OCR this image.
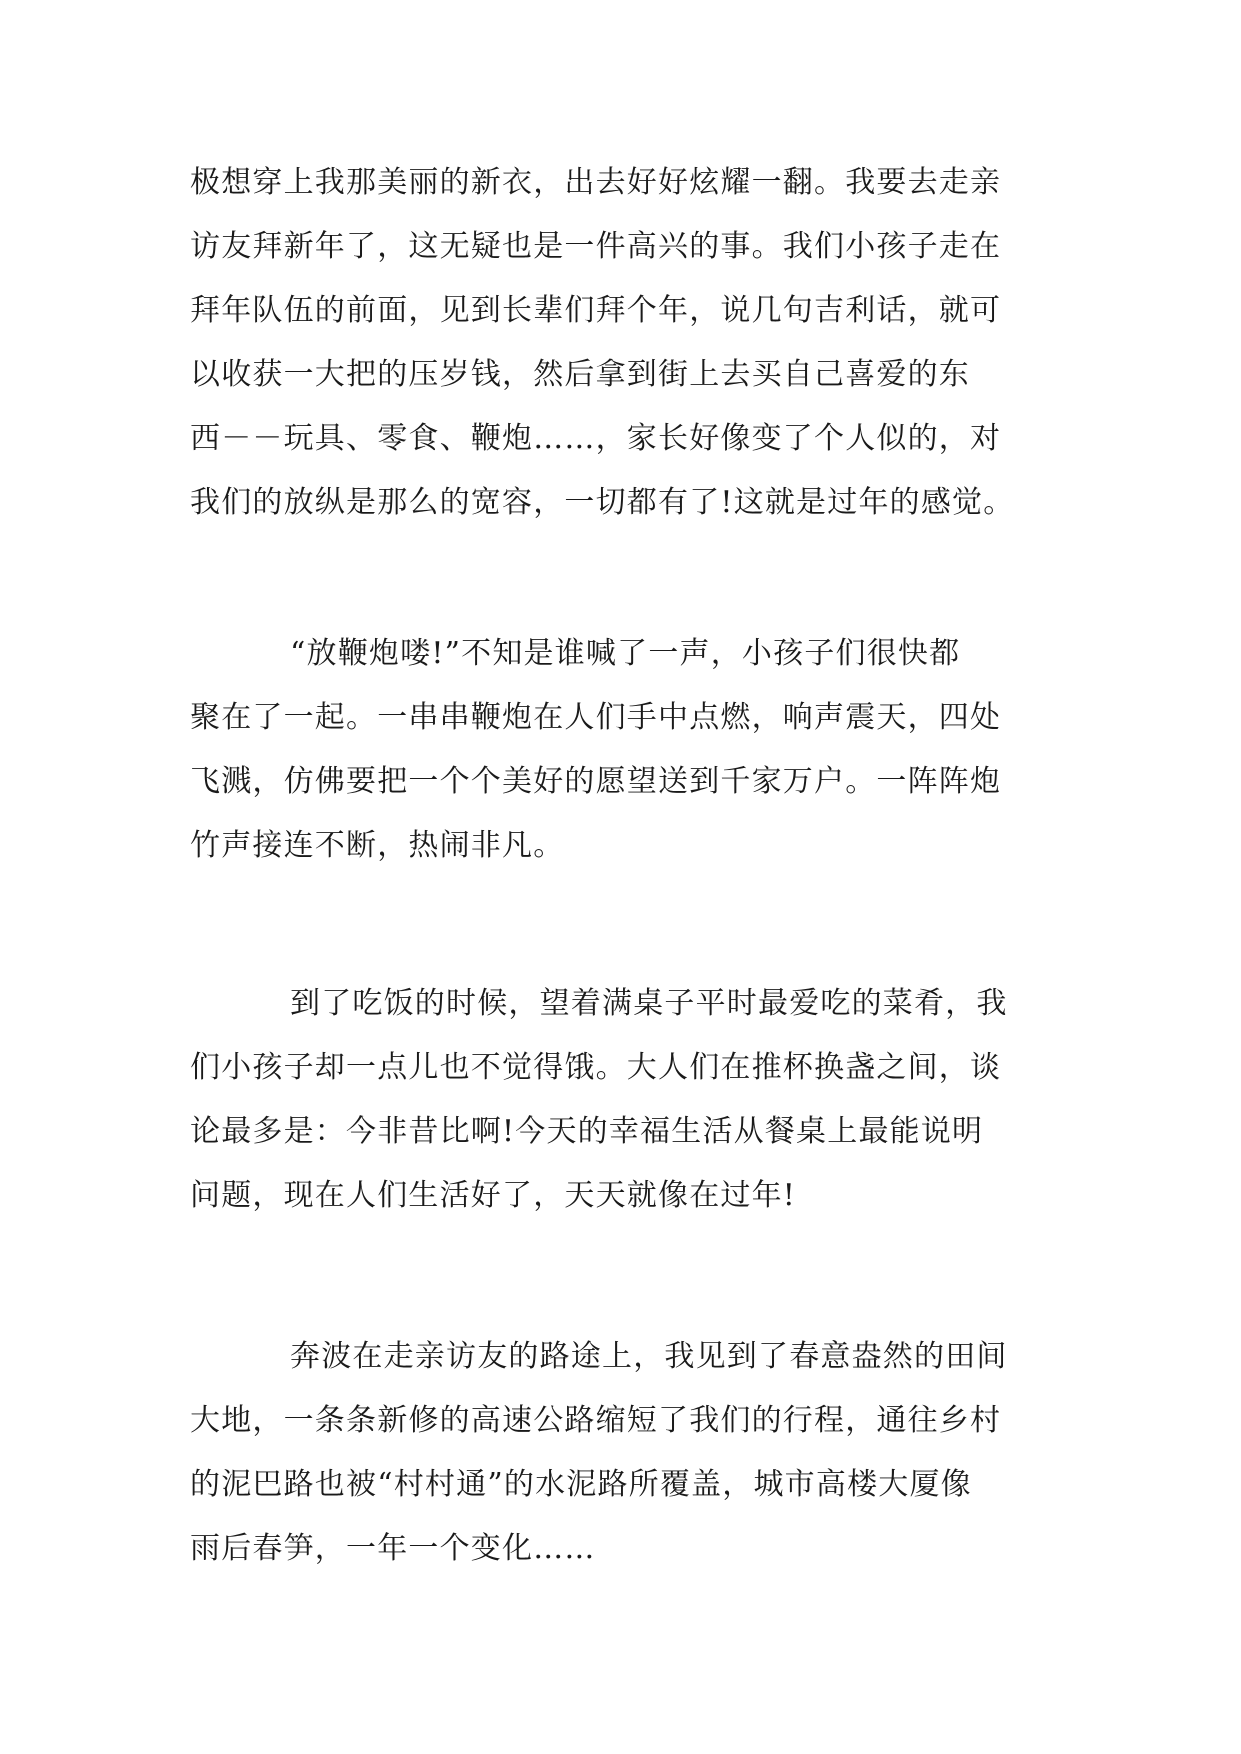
极想穿上我那美丽的新衣，出去好好炫耀一翻。我要去走亲
访友拜新年了，这无疑也是一件高兴的事。我们小孩子走在
拜年队伍的前面，见到长辈们拜个年，说几句吉利话，就可
以收获一大把的压岁钱，然后拿到街上去买自己喜爱的东
西－－玩具、零食、鞭炮……，家长好像变了个人似的，对
我们的放纵是那么的宽容，一切都有了!这就是过年的感觉。
“放鞭炮喽!”不知是谁喊了一声，小孩子们很快都
聚在了一起。一串串鞭炮在人们手中点燃，响声震天，四处
飞溅，仿佛要把一个个美好的愿望送到千家万户。一阵阵炮
竹声接连不断，热闹非凡。
到了吃饭的时候，望着满桌子平时最爱吃的菜肴，我
们小孩子却一点儿也不觉得饿。大人们在推杯换盏之间，谈
论最多是：今非昔比啊!今天的幸福生活从餐桌上最能说明
问题，现在人们生活好了，天天就像在过年!
奔波在走亲访友的路途上，我见到了春意盎然的田间
大地，一条条新修的高速公路缩短了我们的行程，通往乡村
的泥巴路也被“村村通”的水泥路所覆盖，城市高楼大厦像
雨后春笋，一年一个变化……
